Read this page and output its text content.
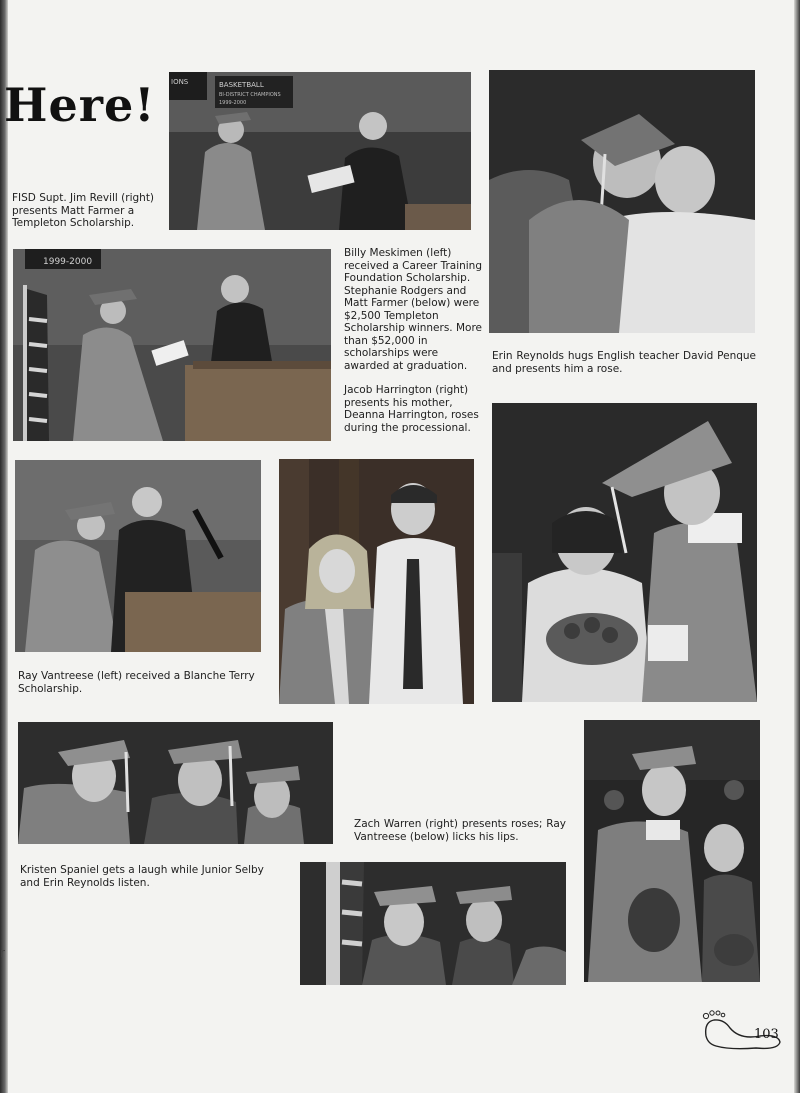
Here!	BASKETBALL
BI-DISTRICT CHAMPIONS
1999-2000
IONS
1999-2000

FISD Supt. Jim Revill (right) presents Matt Farmer a Templeton Scholarship.

Billy Meskimen (left) received a Career Training Foundation Scholarship. Stephanie Rodgers and Matt Farmer (below) were $2,500 Templeton Scholarship winners. More than $52,000 in scholarships were awarded at graduation.

Jacob Harrington (right) presents his mother, Deanna Harrington, roses during the processional.

Erin Reynolds hugs English teacher David Penque and presents him a rose.

Ray Vantreese (left) received a Blanche Terry Scholarship.

Zach Warren (right) presents roses; Ray Vantreese (below) licks his lips.

Kristen Spaniel gets a laugh while Junior Selby and Erin Reynolds listen.

r
103
